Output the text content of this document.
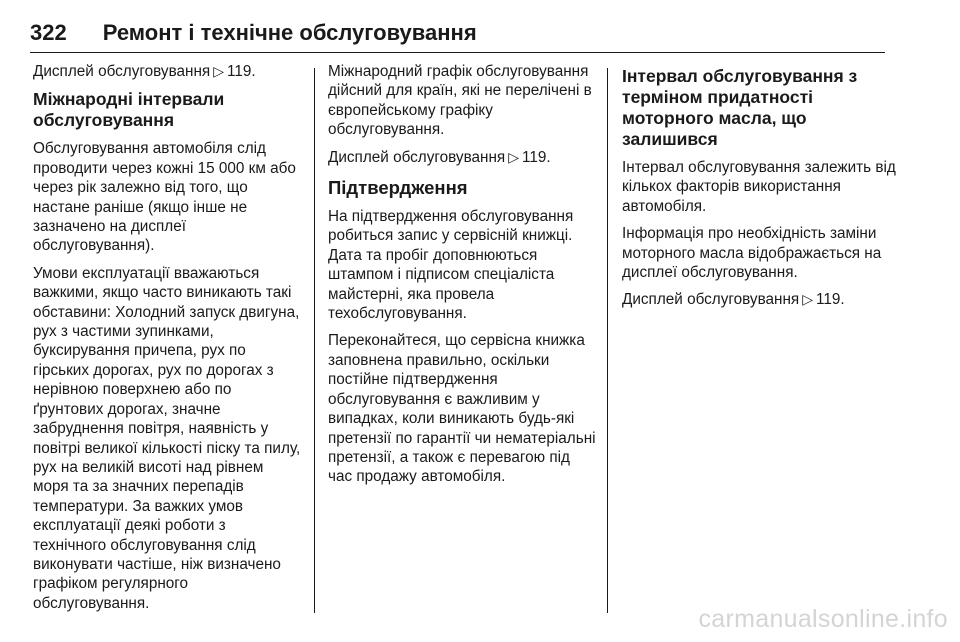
322 Ремонт і технічне обслуговування

Дисплей обслуговування ▷ 119.

Міжнародні інтервали обслуговування

Обслуговування автомобіля слід проводити через кожні 15 000 км або через рік залежно від того, що настане раніше (якщо інше не зазначено на дисплеї обслуговування).

Умови експлуатації вважаються важкими, якщо часто виникають такі обставини: Холодний запуск двигуна, рух з частими зупинками, буксирування причепа, рух по гірських дорогах, рух по дорогах з нерівною поверхнею або по ґрунтових дорогах, значне забруднення повітря, наявність у повітрі великої кількості піску та пилу, рух на великій висоті над рівнем моря та за значних перепадів температури. За важких умов експлуатації деякі роботи з технічного обслуговування слід виконувати частіше, ніж визначено графіком регулярного обслуговування.

Міжнародний графік обслуговування дійсний для країн, які не перелічені в європейському графіку обслуговування.

Дисплей обслуговування ▷ 119.

Підтвердження

На підтвердження обслуговування робиться запис у сервісній книжці. Дата та пробіг доповнюються штампом і підписом спеціаліста майстерні, яка провела техобслуговування.

Переконайтеся, що сервісна книжка заповнена правильно, оскільки постійне підтвердження обслуговування є важливим у випадках, коли виникають будь-які претензії по гарантії чи нематеріальні претензії, а також є перевагою під час продажу автомобіля.

Інтервал обслуговування з терміном придатності моторного масла, що залишився

Інтервал обслуговування залежить від кількох факторів використання автомобіля.

Інформація про необхідність заміни моторного масла відображається на дисплеї обслуговування.

Дисплей обслуговування ▷ 119.

carmanualsonline.info
